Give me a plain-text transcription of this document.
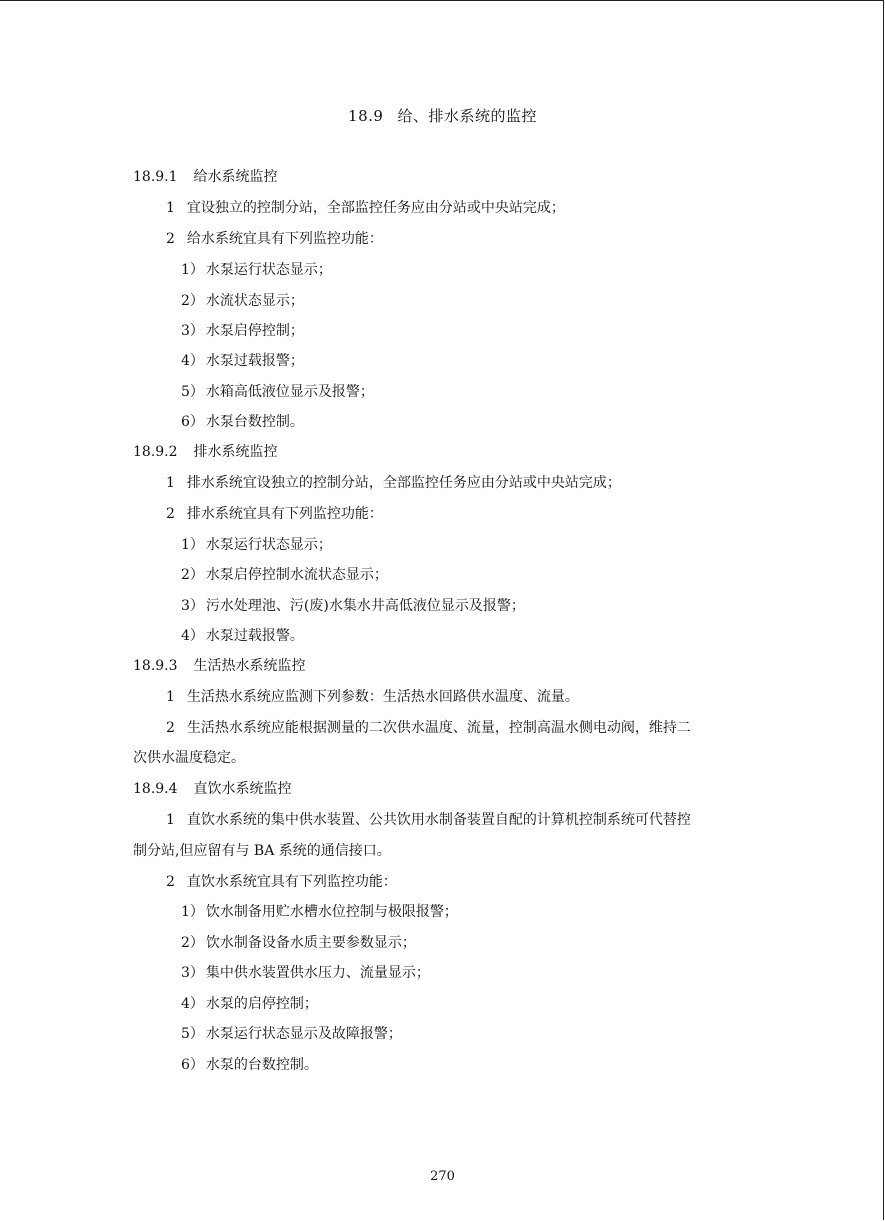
18.9 给、排水系统的监控
18.9.1 给水系统监控
1 宜设独立的控制分站，全部监控任务应由分站或中央站完成；
2 给水系统宜具有下列监控功能：
1） 水泵运行状态显示；
2） 水流状态显示；
3） 水泵启停控制；
4） 水泵过载报警；
5） 水箱高低液位显示及报警；
6） 水泵台数控制。
18.9.2 排水系统监控
1 排水系统宜设独立的控制分站，全部监控任务应由分站或中央站完成；
2 排水系统宜具有下列监控功能：
1） 水泵运行状态显示；
2） 水泵启停控制水流状态显示；
3） 污水处理池、污(废)水集水井高低液位显示及报警；
4） 水泵过载报警。
18.9.3 生活热水系统监控
1 生活热水系统应监测下列参数：生活热水回路供水温度、流量。
2 生活热水系统应能根据测量的二次供水温度、流量，控制高温水侧电动阀，维持二
次供水温度稳定。
18.9.4 直饮水系统监控
1 直饮水系统的集中供水装置、公共饮用水制备装置自配的计算机控制系统可代替控
制分站,但应留有与 BA 系统的通信接口。
2 直饮水系统宜具有下列监控功能：
1） 饮水制备用贮水槽水位控制与极限报警；
2） 饮水制备设备水质主要参数显示；
3） 集中供水装置供水压力、流量显示；
4） 水泵的启停控制；
5） 水泵运行状态显示及故障报警；
6） 水泵的台数控制。
270
